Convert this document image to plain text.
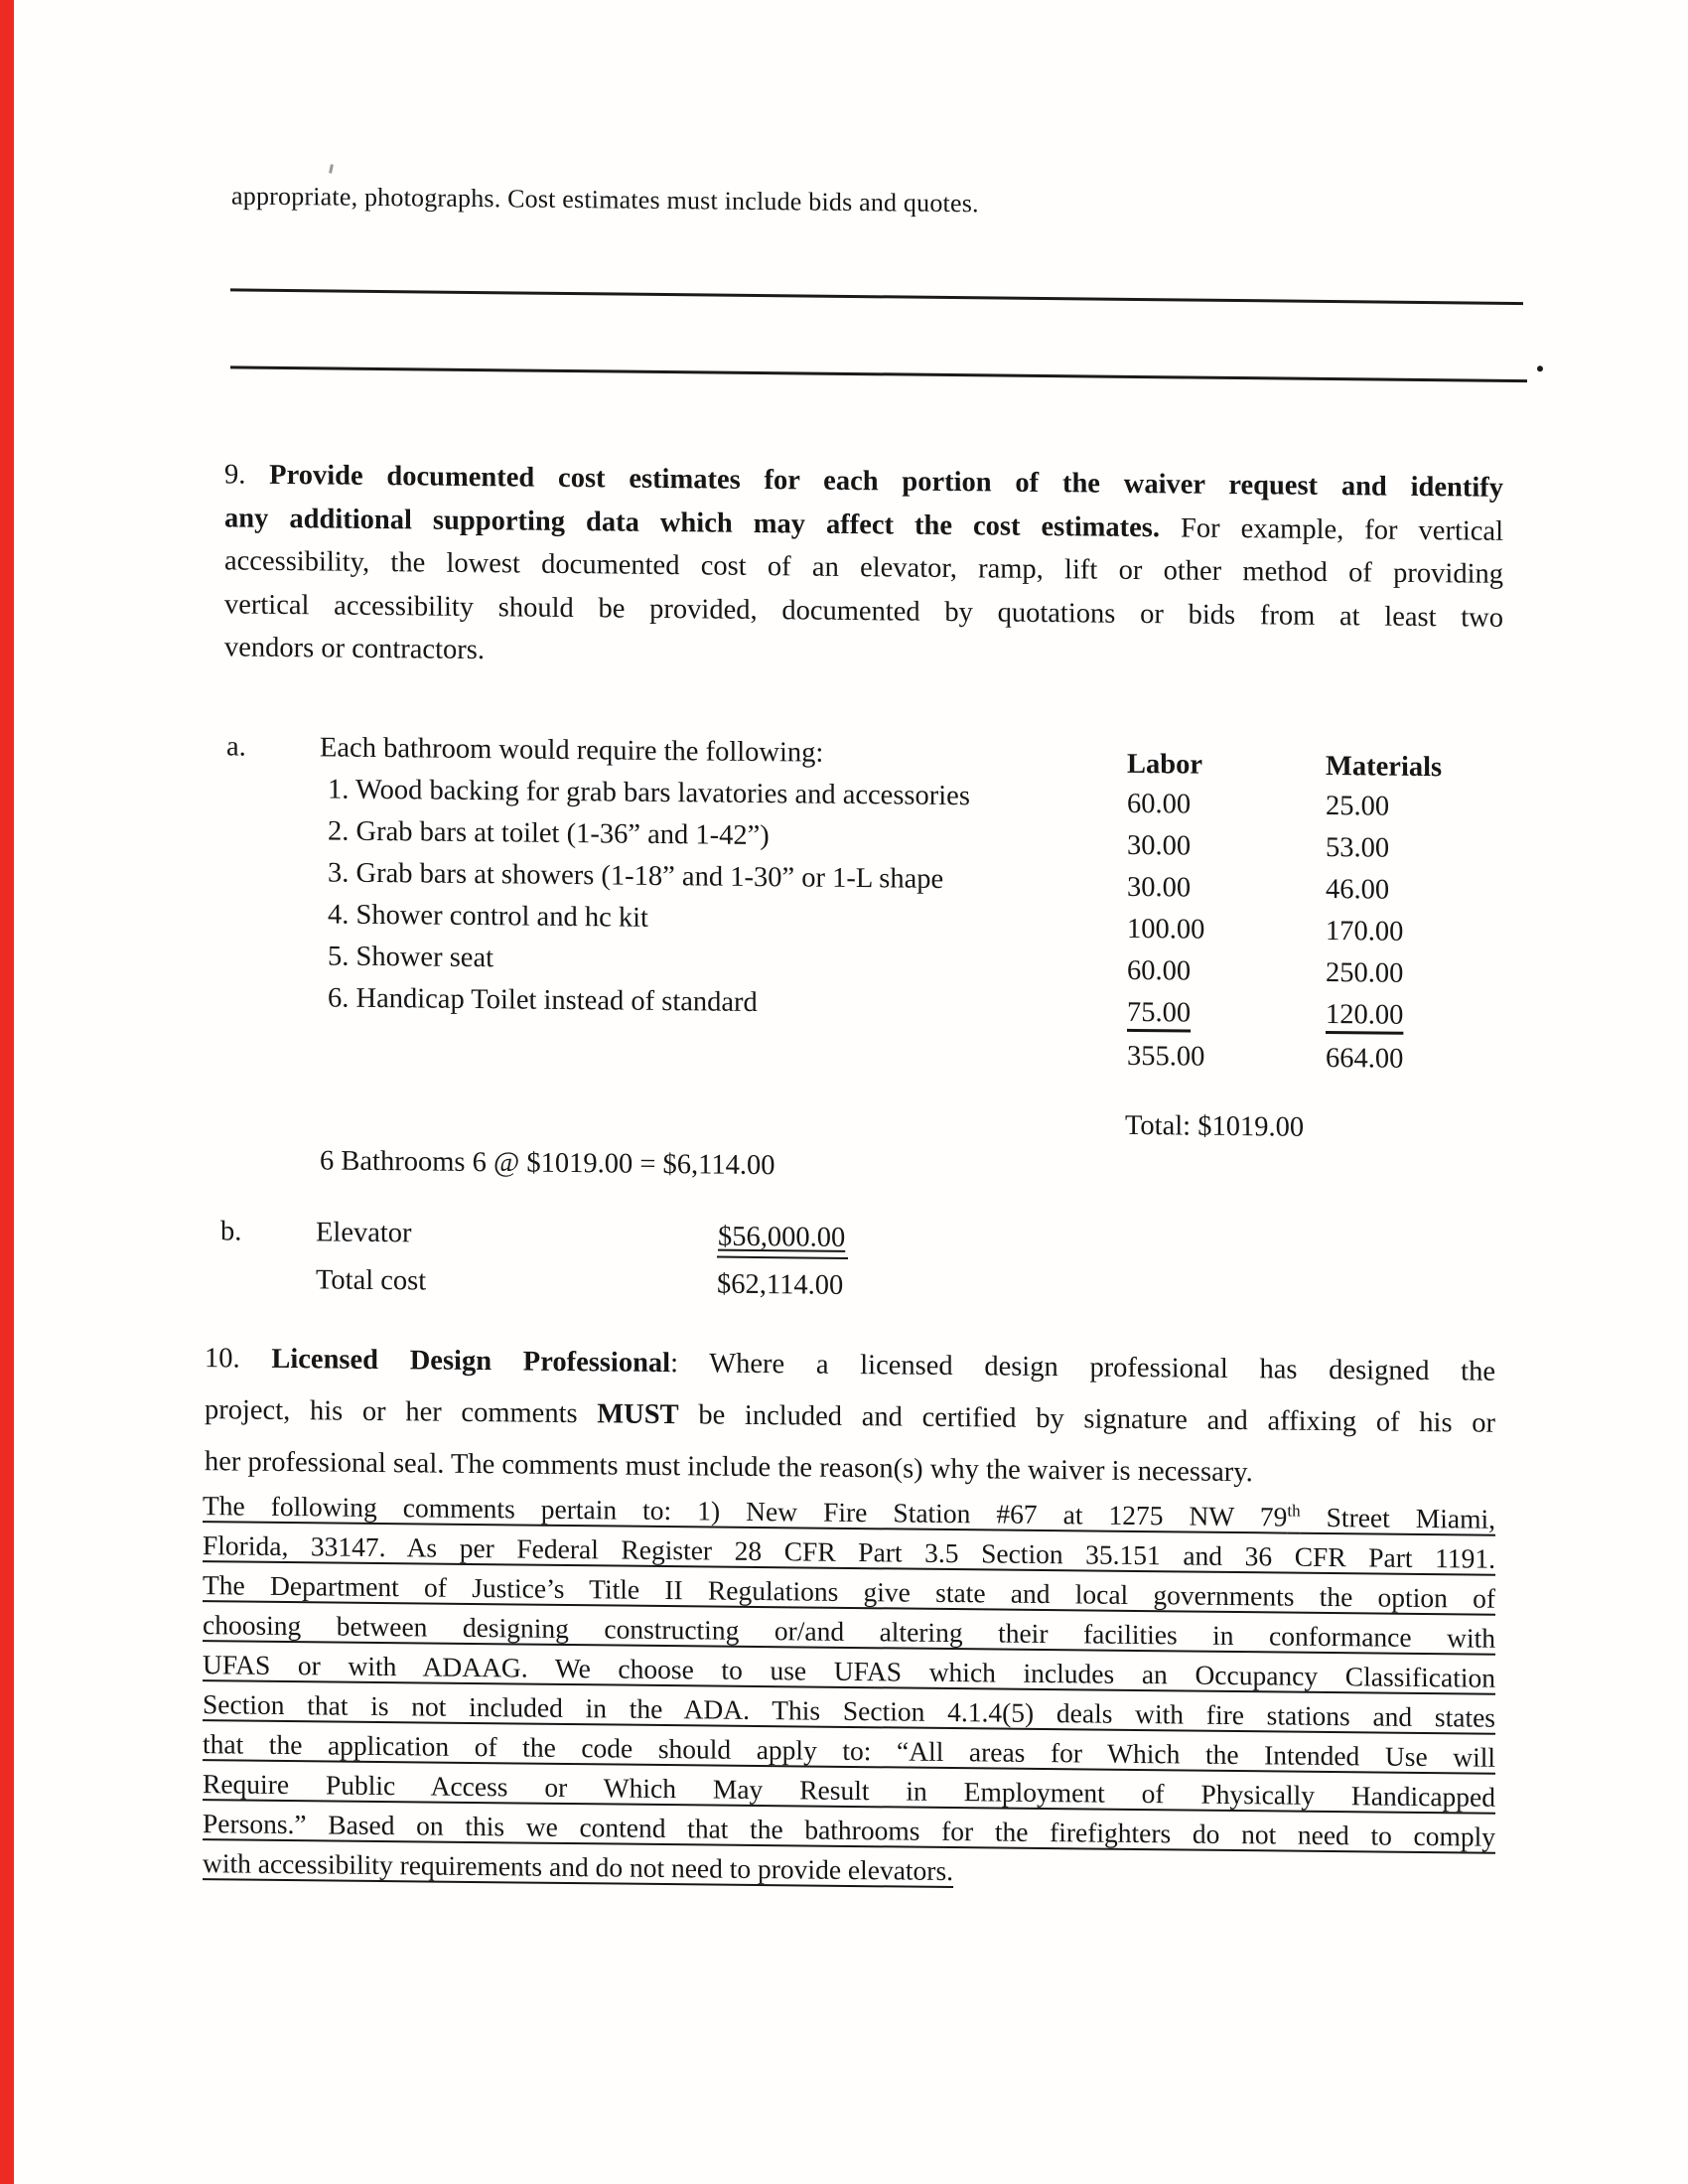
appropriate, photographs. Cost estimates must include bids and quotes.
9. Provide documented cost estimates for each portion of the waiver request and identify
any additional supporting data which may affect the cost estimates. For example, for vertical
accessibility, the lowest documented cost of an elevator, ramp, lift or other method of providing
vertical accessibility should be provided, documented by quotations or bids from at least two
vendors or contractors.
a.	Each bathroom would require the following:	Labor	Materials
1. Wood backing for grab bars lavatories and accessories	60.00	25.00
2. Grab bars at toilet (1-36” and 1-42”)	30.00	53.00
3. Grab bars at showers (1-18” and 1-30” or 1-L shape	30.00	46.00
4. Shower control and hc kit	100.00	170.00
5. Shower seat	60.00	250.00
6. Handicap Toilet instead of standard	75.00	120.00
355.00	664.00
Total: $1019.00
6 Bathrooms 6 @ $1019.00 = $6,114.00
b.	Elevator	$56,000.00
Total cost	$62,114.00
10. Licensed Design Professional: Where a licensed design professional has designed the
project, his or her comments MUST be included and certified by signature and affixing of his or
her professional seal. The comments must include the reason(s) why the waiver is necessary.
The following comments pertain to: 1) New Fire Station #67 at 1275 NW 79th Street Miami,
Florida, 33147. As per Federal Register 28 CFR Part 3.5 Section 35.151 and 36 CFR Part 1191.
The Department of Justice’s Title II Regulations give state and local governments the option of
choosing between designing constructing or/and altering their facilities in conformance with
UFAS or with ADAAG. We choose to use UFAS which includes an Occupancy Classification
Section that is not included in the ADA. This Section 4.1.4(5) deals with fire stations and states
that the application of the code should apply to: “All areas for Which the Intended Use will
Require Public Access or Which May Result in Employment of Physically Handicapped
Persons.” Based on this we contend that the bathrooms for the firefighters do not need to comply
with accessibility requirements and do not need to provide elevators.
